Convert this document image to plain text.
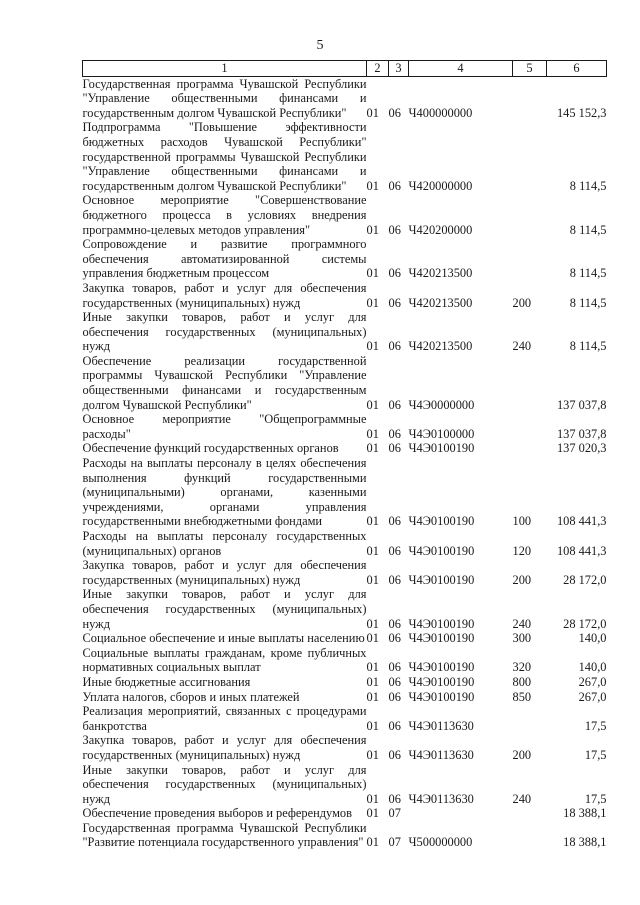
5
1	2	3	4	5	6
Государственная программа Чувашской Республики "Управление общественными финансами и государственным долгом Чувашской Республики"	01	06	Ч400000000		145 152,3
Подпрограмма "Повышение эффективности бюджетных расходов Чувашской Республики" государственной программы Чувашской Республики "Управление общественными финансами и государственным долгом Чувашской Республики"	01	06	Ч420000000		8 114,5
Основное мероприятие "Совершенствование бюджетного процесса в условиях внедрения программно-целевых методов управления"	01	06	Ч420200000		8 114,5
Сопровождение и развитие программного обеспечения автоматизированной системы управления бюджетным процессом	01	06	Ч420213500		8 114,5
Закупка товаров, работ и услуг для обеспечения государственных (муниципальных) нужд	01	06	Ч420213500	200	8 114,5
Иные закупки товаров, работ и услуг для обеспечения государственных (муниципальных) нужд	01	06	Ч420213500	240	8 114,5
Обеспечение реализации государственной программы Чувашской Республики "Управление общественными финансами и государственным долгом Чувашской Республики"	01	06	Ч4Э0000000		137 037,8
Основное мероприятие "Общепрограммные расходы"	01	06	Ч4Э0100000		137 037,8
Обеспечение функций государственных органов	01	06	Ч4Э0100190		137 020,3
Расходы на выплаты персоналу в целях обеспечения выполнения функций государственными (муниципальными) органами, казенными учреждениями, органами управления государственными внебюджетными фондами	01	06	Ч4Э0100190	100	108 441,3
Расходы на выплаты персоналу государственных (муниципальных) органов	01	06	Ч4Э0100190	120	108 441,3
Закупка товаров, работ и услуг для обеспечения государственных (муниципальных) нужд	01	06	Ч4Э0100190	200	28 172,0
Иные закупки товаров, работ и услуг для обеспечения государственных (муниципальных) нужд	01	06	Ч4Э0100190	240	28 172,0
Социальное обеспечение и иные выплаты населению	01	06	Ч4Э0100190	300	140,0
Социальные выплаты гражданам, кроме публичных нормативных социальных выплат	01	06	Ч4Э0100190	320	140,0
Иные бюджетные ассигнования	01	06	Ч4Э0100190	800	267,0
Уплата налогов, сборов и иных платежей	01	06	Ч4Э0100190	850	267,0
Реализация мероприятий, связанных с процедурами банкротства	01	06	Ч4Э0113630		17,5
Закупка товаров, работ и услуг для обеспечения государственных (муниципальных) нужд	01	06	Ч4Э0113630	200	17,5
Иные закупки товаров, работ и услуг для обеспечения государственных (муниципальных) нужд	01	06	Ч4Э0113630	240	17,5
Обеспечение проведения выборов и референдумов	01	07			18 388,1
Государственная программа Чувашской Республики "Развитие потенциала государственного управления"	01	07	Ч500000000		18 388,1
